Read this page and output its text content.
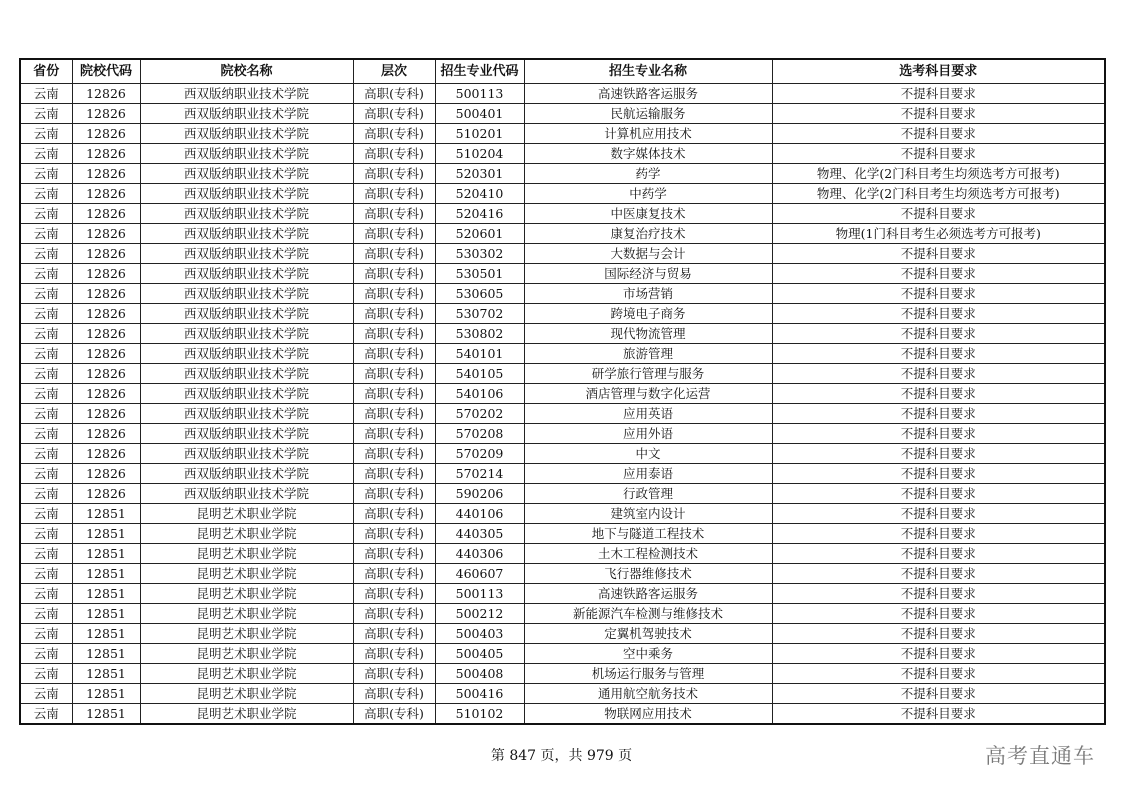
省份	院校代码	院校名称	层次	招生专业代码	招生专业名称	选考科目要求
云南	12826	西双版纳职业技术学院	高职(专科)	500113	高速铁路客运服务	不提科目要求
云南	12826	西双版纳职业技术学院	高职(专科)	500401	民航运输服务	不提科目要求
云南	12826	西双版纳职业技术学院	高职(专科)	510201	计算机应用技术	不提科目要求
云南	12826	西双版纳职业技术学院	高职(专科)	510204	数字媒体技术	不提科目要求
云南	12826	西双版纳职业技术学院	高职(专科)	520301	药学	物理、化学(2门科目考生均须选考方可报考)
云南	12826	西双版纳职业技术学院	高职(专科)	520410	中药学	物理、化学(2门科目考生均须选考方可报考)
云南	12826	西双版纳职业技术学院	高职(专科)	520416	中医康复技术	不提科目要求
云南	12826	西双版纳职业技术学院	高职(专科)	520601	康复治疗技术	物理(1门科目考生必须选考方可报考)
云南	12826	西双版纳职业技术学院	高职(专科)	530302	大数据与会计	不提科目要求
云南	12826	西双版纳职业技术学院	高职(专科)	530501	国际经济与贸易	不提科目要求
云南	12826	西双版纳职业技术学院	高职(专科)	530605	市场营销	不提科目要求
云南	12826	西双版纳职业技术学院	高职(专科)	530702	跨境电子商务	不提科目要求
云南	12826	西双版纳职业技术学院	高职(专科)	530802	现代物流管理	不提科目要求
云南	12826	西双版纳职业技术学院	高职(专科)	540101	旅游管理	不提科目要求
云南	12826	西双版纳职业技术学院	高职(专科)	540105	研学旅行管理与服务	不提科目要求
云南	12826	西双版纳职业技术学院	高职(专科)	540106	酒店管理与数字化运营	不提科目要求
云南	12826	西双版纳职业技术学院	高职(专科)	570202	应用英语	不提科目要求
云南	12826	西双版纳职业技术学院	高职(专科)	570208	应用外语	不提科目要求
云南	12826	西双版纳职业技术学院	高职(专科)	570209	中文	不提科目要求
云南	12826	西双版纳职业技术学院	高职(专科)	570214	应用泰语	不提科目要求
云南	12826	西双版纳职业技术学院	高职(专科)	590206	行政管理	不提科目要求
云南	12851	昆明艺术职业学院	高职(专科)	440106	建筑室内设计	不提科目要求
云南	12851	昆明艺术职业学院	高职(专科)	440305	地下与隧道工程技术	不提科目要求
云南	12851	昆明艺术职业学院	高职(专科)	440306	土木工程检测技术	不提科目要求
云南	12851	昆明艺术职业学院	高职(专科)	460607	飞行器维修技术	不提科目要求
云南	12851	昆明艺术职业学院	高职(专科)	500113	高速铁路客运服务	不提科目要求
云南	12851	昆明艺术职业学院	高职(专科)	500212	新能源汽车检测与维修技术	不提科目要求
云南	12851	昆明艺术职业学院	高职(专科)	500403	定翼机驾驶技术	不提科目要求
云南	12851	昆明艺术职业学院	高职(专科)	500405	空中乘务	不提科目要求
云南	12851	昆明艺术职业学院	高职(专科)	500408	机场运行服务与管理	不提科目要求
云南	12851	昆明艺术职业学院	高职(专科)	500416	通用航空航务技术	不提科目要求
云南	12851	昆明艺术职业学院	高职(专科)	510102	物联网应用技术	不提科目要求
第 847 页，共 979 页	高考直通车
